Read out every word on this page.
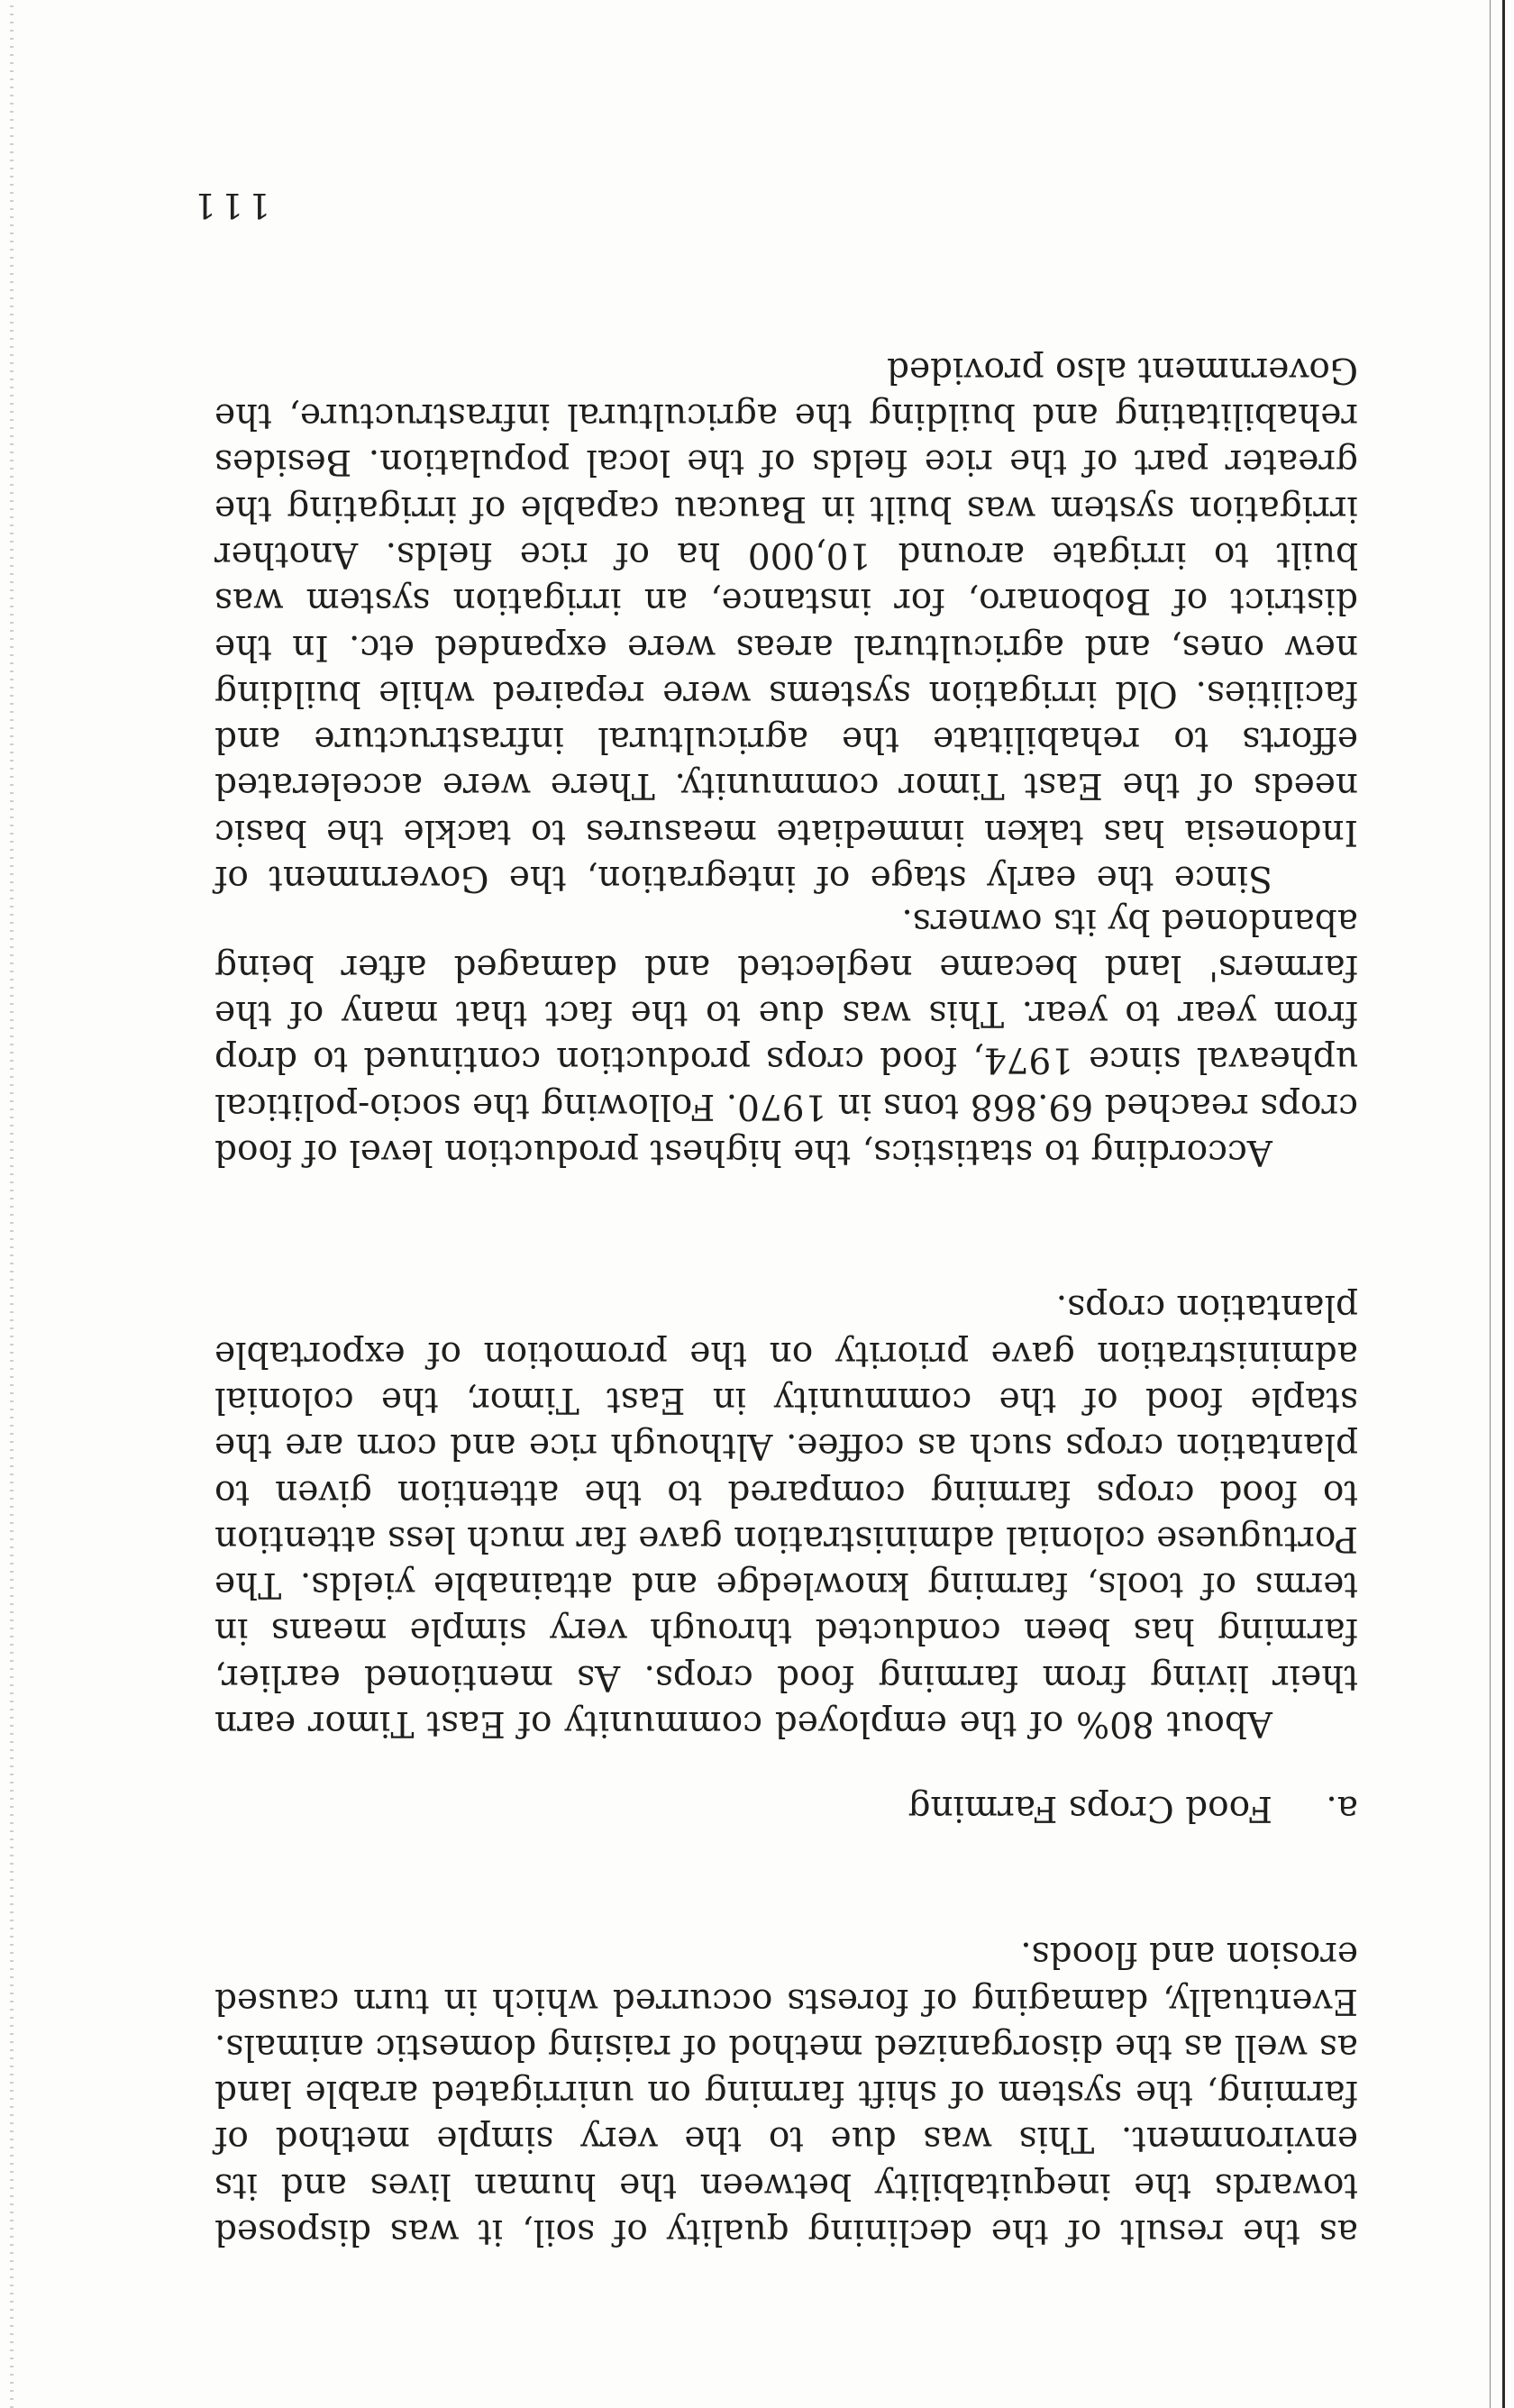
as the result of the declining quality of soil, it was disposed towards the inequitability between the human lives and its environment. This was due to the very simple method of farming, the system of shift farming on unirrigated arable land as well as the disorganized method of raising domestic animals. Eventually, damaging of forests occurred which in turn caused erosion and floods.
a.Food Crops Farming
About 80% of the employed community of East Timor earn their living from farming food crops. As mentioned earlier, farming has been conducted through very simple means in terms of tools, farming knowledge and attainable yields. The Portuguese colonial administration gave far much less attention to food crops farming compared to the attention given to plantation crops such as coffee. Although rice and corn are the staple food of the community in East Timor, the colonial administration gave priority on the promotion of exportable plantation crops.
According to statistics, the highest production level of food crops reached 69.868 tons in 1970. Following the socio-political upheaval since 1974, food crops production continued to drop from year to year. This was due to the fact that many of the farmers' land became neglected and damaged after being abandoned by its owners.
Since the early stage of integration, the Government of Indonesia has taken immediate measures to tackle the basic needs of the East Timor community. There were accelerated efforts to rehabilitate the agricultural infrastructure and facilities. Old irrigation systems were repaired while building new ones, and agricultural areas were expanded etc. In the district of Bobonaro, for instance, an irrigation system was built to irrigate around 10,000 ha of rice fields. Another irrigation system was built in Baucau capable of irrigating the greater part of the rice fields of the local population. Besides rehabilitating and building the agricultural infrastructure, the Government also provided
111
